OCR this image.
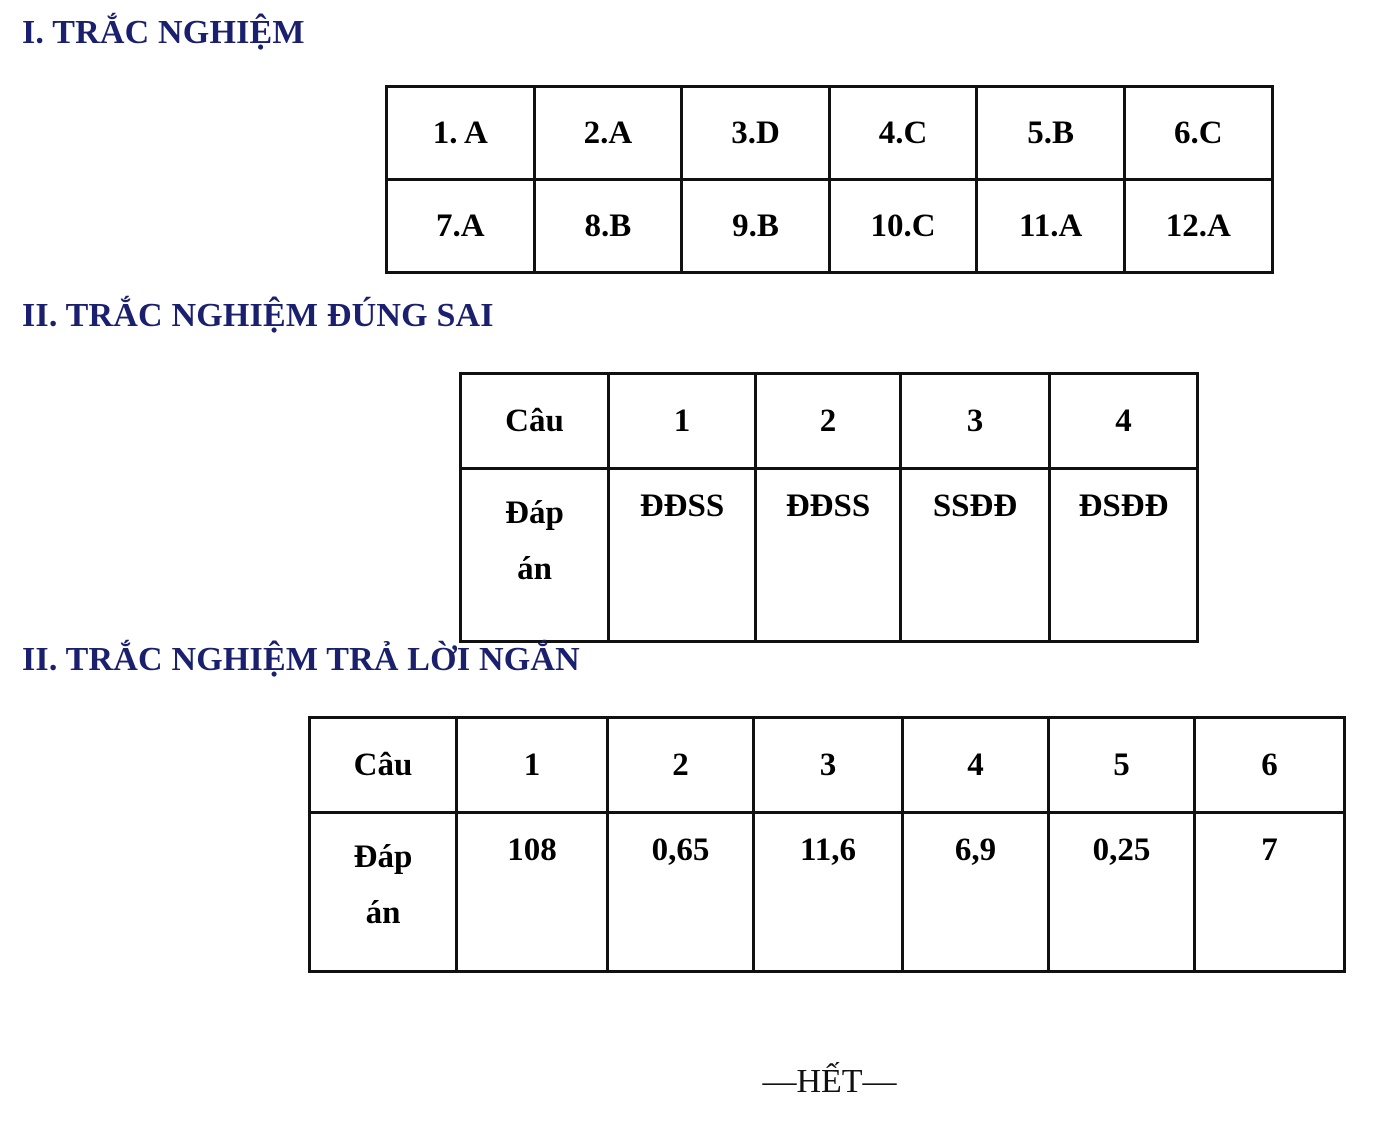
I. TRẮC NGHIỆM
1. A	2.A	3.D	4.C	5.B	6.C
7.A	8.B	9.B	10.C	11.A	12.A
II. TRẮC NGHIỆM ĐÚNG SAI
Câu	1	2	3	4

Đáp
án	ĐĐSS	ĐĐSS	SSĐĐ	ĐSĐĐ
II. TRẮC NGHIỆM TRẢ LỜI NGẮN
Câu	1	2	3	4	5	6

Đáp
án	108	0,65	11,6	6,9	0,25	7
—HẾT—
